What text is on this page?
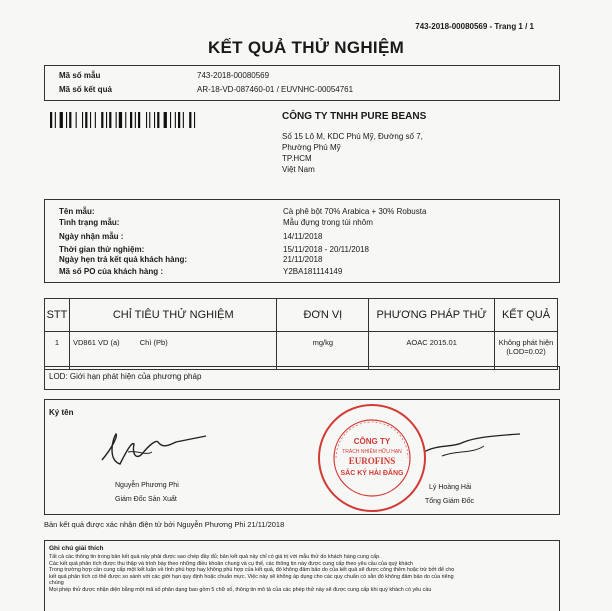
743-2018-00080569 - Trang 1 / 1
KẾT QUẢ THỬ NGHIỆM
Mã số mẫu	743-2018-00080569
Mã số kết quả	AR-18-VD-087460-01 / EUVNHC-00054761
CÔNG TY TNHH PURE BEANS
Số 15 Lô M, KDC Phú Mỹ, Đường số 7,
Phường Phú Mỹ
TP.HCM
Việt Nam
Tên mẫu:	Cà phê bột 70% Arabica + 30% Robusta
Tình trạng mẫu:	Mẫu đựng trong túi nhôm
Ngày nhận mẫu :	14/11/2018
Thời gian thử nghiệm:	15/11/2018 - 20/11/2018
Ngày hẹn trả kết quả khách hàng:	21/11/2018
Mã số PO của khách hàng :	Y2BA181114149
STT	CHỈ TIÊU THỬ NGHIỆM	ĐƠN VỊ	PHƯƠNG PHÁP THỬ	KẾT QUẢ
1	VD861 VD (a) Chì (Pb)	mg/kg	AOAC 2015.01	Không phát hiện
(LOD=0.02)
LOD: Giới hạn phát hiện của phương pháp
Ký tên
Nguyễn Phương Phi
Giám Đốc Sản Xuất
Lý Hoàng Hải
Tổng Giám Đốc
CÔNG TY
TRÁCH NHIỆM HỮU HẠN
EUROFINS
SẮC KÝ HẢI ĐĂNG
Bản kết quả được xác nhận điện tử bởi Nguyễn Phương Phi 21/11/2018
Ghi chú giải thích
Tất cả các thông tin trong bản kết quả này phải được sao chép đầy đủ; bản kết quả này chỉ có giá trị với mẫu thử do khách hàng cung cấp.
Các kết quả phân tích được thu thập và trình bày theo những điều khoản chung và cụ thể, các thông tin này được cung cấp theo yêu cầu của quý khách
Trong trường hợp cần cung cấp một kết luận về tính phù hợp hay không phù hợp của kết quả, đó không đảm bảo do của kết quả sẽ được công thêm hoặc trừ bởt để cho
kết quả phân tích có thể được so sánh với các giới hạn quy định hoặc chuẩn mực. Việc này sẽ không áp dụng cho các quy chuẩn có sẵn đó không đảm bảo do của riêng
chúng
Mọi phép thử được nhận diện bằng một mã số phân dạng bao gồm 5 chữ số, thông tin mô tả của các phép thử này sẽ được cung cấp khi quý khách có yêu cầu
